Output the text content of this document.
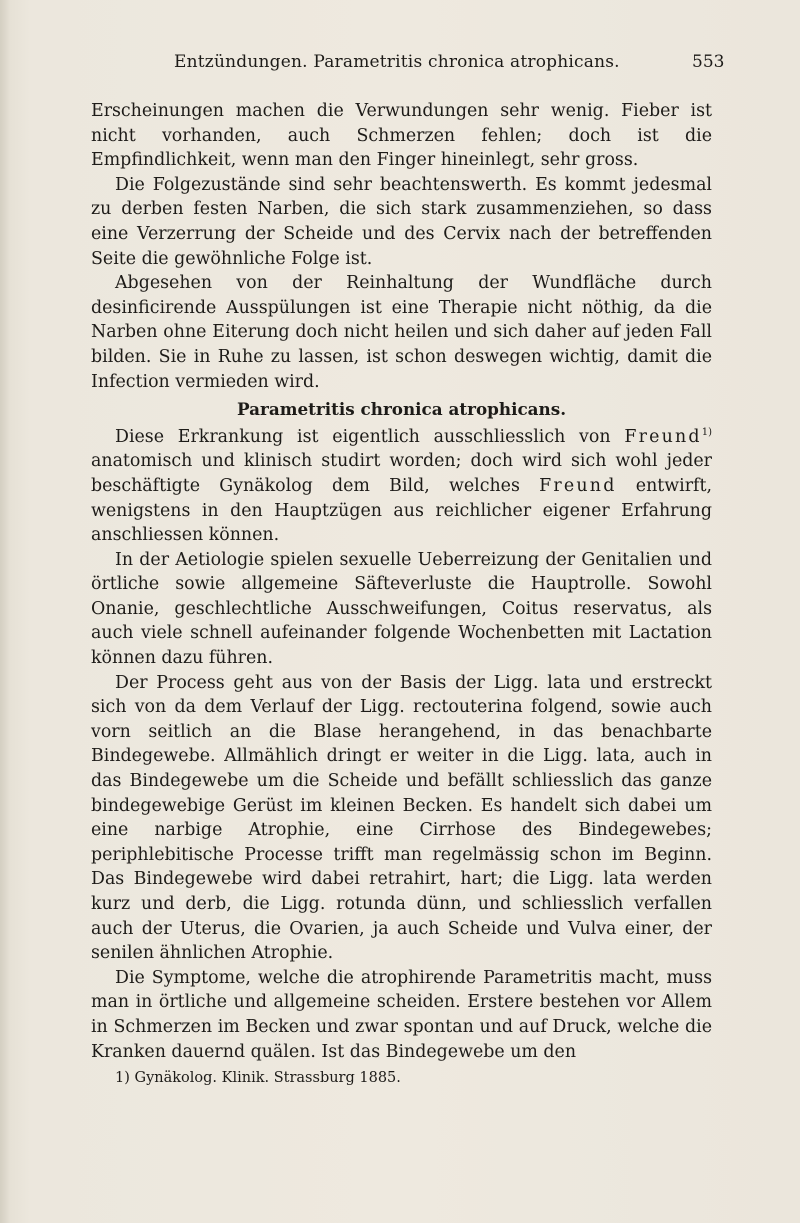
Entzündungen. Parametritis chronica atrophicans.	553

Erscheinungen machen die Verwundungen sehr wenig. Fieber ist nicht vorhanden, auch Schmerzen fehlen; doch ist die Empfindlichkeit, wenn man den Finger hineinlegt, sehr gross.

Die Folgezustände sind sehr beachtenswerth. Es kommt jedesmal zu derben festen Narben, die sich stark zusammenziehen, so dass eine Verzerrung der Scheide und des Cervix nach der betreffenden Seite die gewöhnliche Folge ist.

Abgesehen von der Reinhaltung der Wundfläche durch desinficirende Ausspülungen ist eine Therapie nicht nöthig, da die Narben ohne Eiterung doch nicht heilen und sich daher auf jeden Fall bilden. Sie in Ruhe zu lassen, ist schon deswegen wichtig, damit die Infection vermieden wird.

Parametritis chronica atrophicans.

Diese Erkrankung ist eigentlich ausschliesslich von Freund$^{1)}$ anatomisch und klinisch studirt worden; doch wird sich wohl jeder beschäftigte Gynäkolog dem Bild, welches Freund entwirft, wenigstens in den Hauptzügen aus reichlicher eigener Erfahrung anschliessen können.

In der Aetiologie spielen sexuelle Ueberreizung der Genitalien und örtliche sowie allgemeine Säfteverluste die Hauptrolle. Sowohl Onanie, geschlechtliche Ausschweifungen, Coitus reservatus, als auch viele schnell aufeinander folgende Wochenbetten mit Lactation können dazu führen.

Der Process geht aus von der Basis der Ligg. lata und erstreckt sich von da dem Verlauf der Ligg. rectouterina folgend, sowie auch vorn seitlich an die Blase herangehend, in das benachbarte Bindegewebe. Allmählich dringt er weiter in die Ligg. lata, auch in das Bindegewebe um die Scheide und befällt schliesslich das ganze bindegewebige Gerüst im kleinen Becken. Es handelt sich dabei um eine narbige Atrophie, eine Cirrhose des Bindegewebes; periphlebitische Processe trifft man regelmässig schon im Beginn. Das Bindegewebe wird dabei retrahirt, hart; die Ligg. lata werden kurz und derb, die Ligg. rotunda dünn, und schliesslich verfallen auch der Uterus, die Ovarien, ja auch Scheide und Vulva einer, der senilen ähnlichen Atrophie.

Die Symptome, welche die atrophirende Parametritis macht, muss man in örtliche und allgemeine scheiden. Erstere bestehen vor Allem in Schmerzen im Becken und zwar spontan und auf Druck, welche die Kranken dauernd quälen. Ist das Bindegewebe um den

1) Gynäkolog. Klinik. Strassburg 1885.
